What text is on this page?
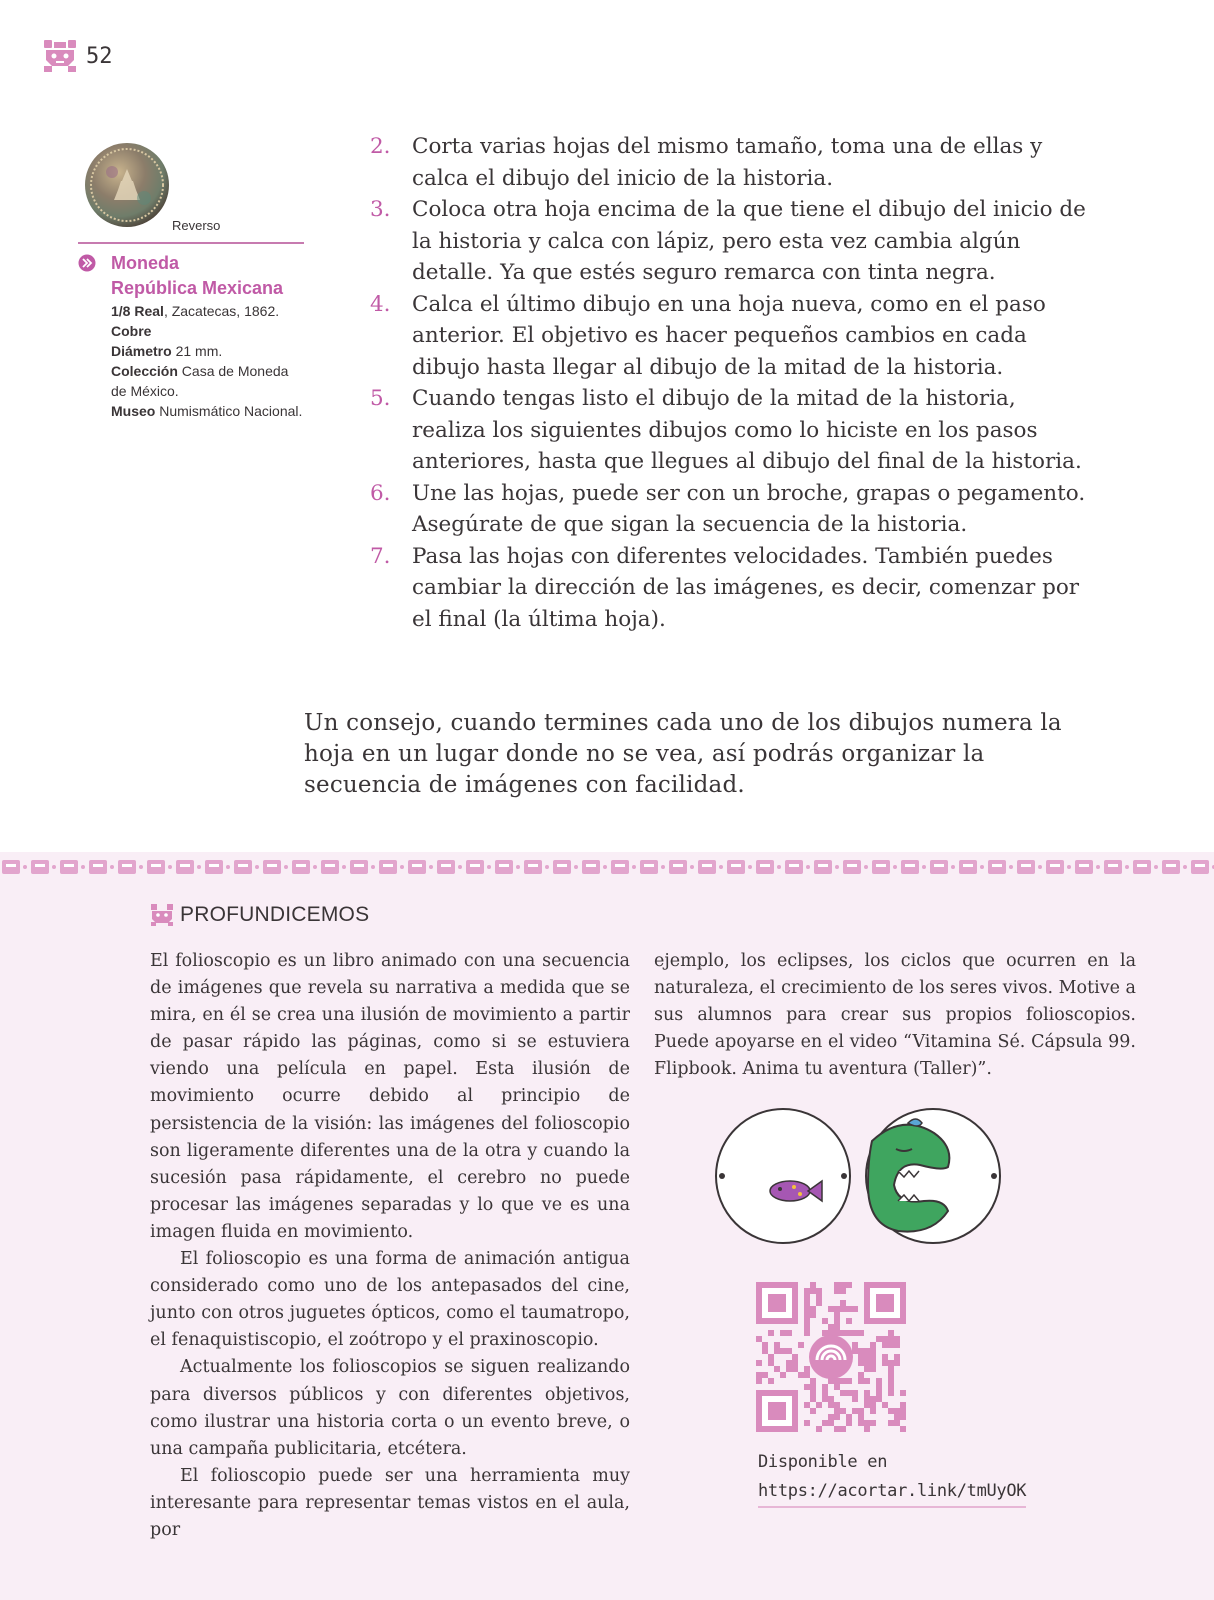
52
Reverso
Moneda
República Mexicana
1/8 Real, Zacatecas, 1862.
Cobre
Diámetro 21 mm.
Colección Casa de Moneda de México.
Museo Numismático Nacional.
2. Corta varias hojas del mismo tamaño, toma una de ellas y calca el dibujo del inicio de la historia.
3. Coloca otra hoja encima de la que tiene el dibujo del inicio de la historia y calca con lápiz, pero esta vez cambia algún detalle. Ya que estés seguro remarca con tinta negra.
4. Calca el último dibujo en una hoja nueva, como en el paso anterior. El objetivo es hacer pequeños cambios en cada dibujo hasta llegar al dibujo de la mitad de la historia.
5. Cuando tengas listo el dibujo de la mitad de la historia, realiza los siguientes dibujos como lo hiciste en los pasos anteriores, hasta que llegues al dibujo del final de la historia.
6. Une las hojas, puede ser con un broche, grapas o pegamento. Asegúrate de que sigan la secuencia de la historia.
7. Pasa las hojas con diferentes velocidades. También puedes cambiar la dirección de las imágenes, es decir, comenzar por el final (la última hoja).

Un consejo, cuando termines cada uno de los dibujos numera la hoja en un lugar donde no se vea, así podrás organizar la secuencia de imágenes con facilidad.

PROFUNDICEMOS

El folioscopio es un libro animado con una secuencia de imágenes que revela su narrativa a medida que se mira, en él se crea una ilusión de movimiento a partir de pasar rápido las páginas, como si se estuviera viendo una película en papel. Esta ilusión de movimiento ocurre debido al principio de persistencia de la visión: las imágenes del folioscopio son ligeramente diferentes una de la otra y cuando la sucesión pasa rápidamente, el cerebro no puede procesar las imágenes separadas y lo que ve es una imagen fluida en movimiento.

El folioscopio es una forma de animación antigua considerado como uno de los antepasados del cine, junto con otros juguetes ópticos, como el taumatropo, el fenaquistiscopio, el zoótropo y el praxinoscopio.

Actualmente los folioscopios se siguen realizando para diversos públicos y con diferentes objetivos, como ilustrar una historia corta o un evento breve, o una campaña publicitaria, etcétera.

El folioscopio puede ser una herramienta muy interesante para representar temas vistos en el aula, por

ejemplo, los eclipses, los ciclos que ocurren en la naturaleza, el crecimiento de los seres vivos. Motive a sus alumnos para crear sus propios folioscopios. Puede apoyarse en el video “Vitamina Sé. Cápsula 99. Flipbook. Anima tu aventura (Taller)”.

Disponible en
https://acortar.link/tmUyOK
